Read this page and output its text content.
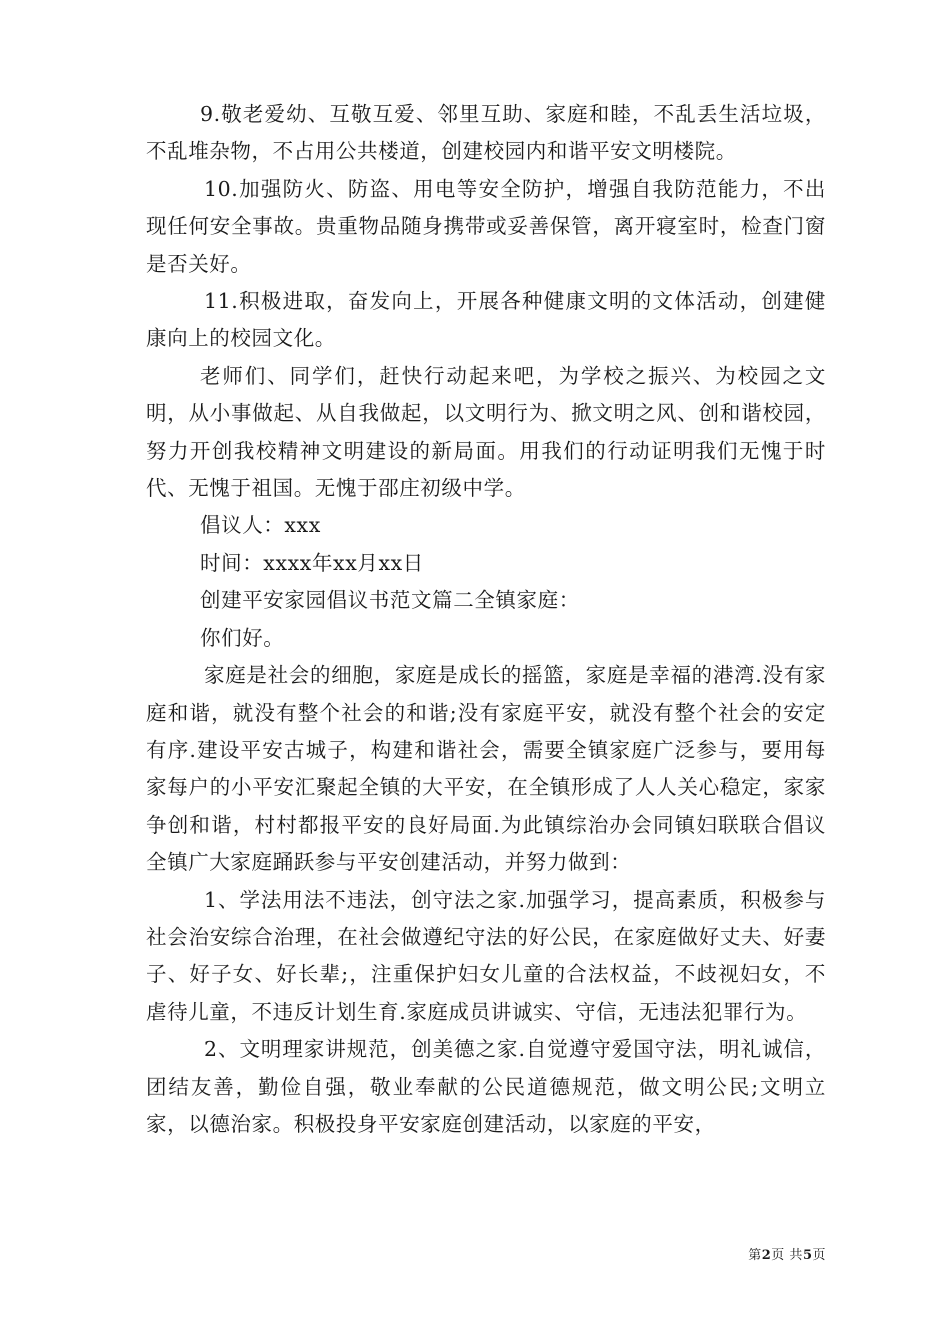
9.敬老爱幼、互敬互爱、邻里互助、家庭和睦，不乱丢生活垃圾，不乱堆杂物，不占用公共楼道，创建校园内和谐平安文明楼院。

10.加强防火、防盗、用电等安全防护，增强自我防范能力，不出现任何安全事故。贵重物品随身携带或妥善保管，离开寝室时，检查门窗是否关好。

11.积极进取，奋发向上，开展各种健康文明的文体活动，创建健康向上的校园文化。

老师们、同学们，赶快行动起来吧，为学校之振兴、为校园之文明，从小事做起、从自我做起，以文明行为、掀文明之风、创和谐校园，努力开创我校精神文明建设的新局面。用我们的行动证明我们无愧于时代、无愧于祖国。无愧于邵庄初级中学。

倡议人：xxx

时间：xxxx年xx月xx日

创建平安家园倡议书范文篇二全镇家庭：

你们好。

家庭是社会的细胞，家庭是成长的摇篮，家庭是幸福的港湾.没有家庭和谐，就没有整个社会的和谐;没有家庭平安，就没有整个社会的安定有序.建设平安古城子，构建和谐社会，需要全镇家庭广泛参与，要用每家每户的小平安汇聚起全镇的大平安，在全镇形成了人人关心稳定，家家争创和谐，村村都报平安的良好局面.为此镇综治办会同镇妇联联合倡议全镇广大家庭踊跃参与平安创建活动，并努力做到：

1、学法用法不违法，创守法之家.加强学习，提高素质，积极参与社会治安综合治理，在社会做遵纪守法的好公民，在家庭做好丈夫、好妻子、好子女、好长辈;，注重保护妇女儿童的合法权益，不歧视妇女，不虐待儿童，不违反计划生育.家庭成员讲诚实、守信，无违法犯罪行为。

2、文明理家讲规范，创美德之家.自觉遵守爱国守法，明礼诚信，团结友善，勤俭自强，敬业奉献的公民道德规范，做文明公民;文明立家，以德治家。积极投身平安家庭创建活动，以家庭的平安，

第2页 共5页
